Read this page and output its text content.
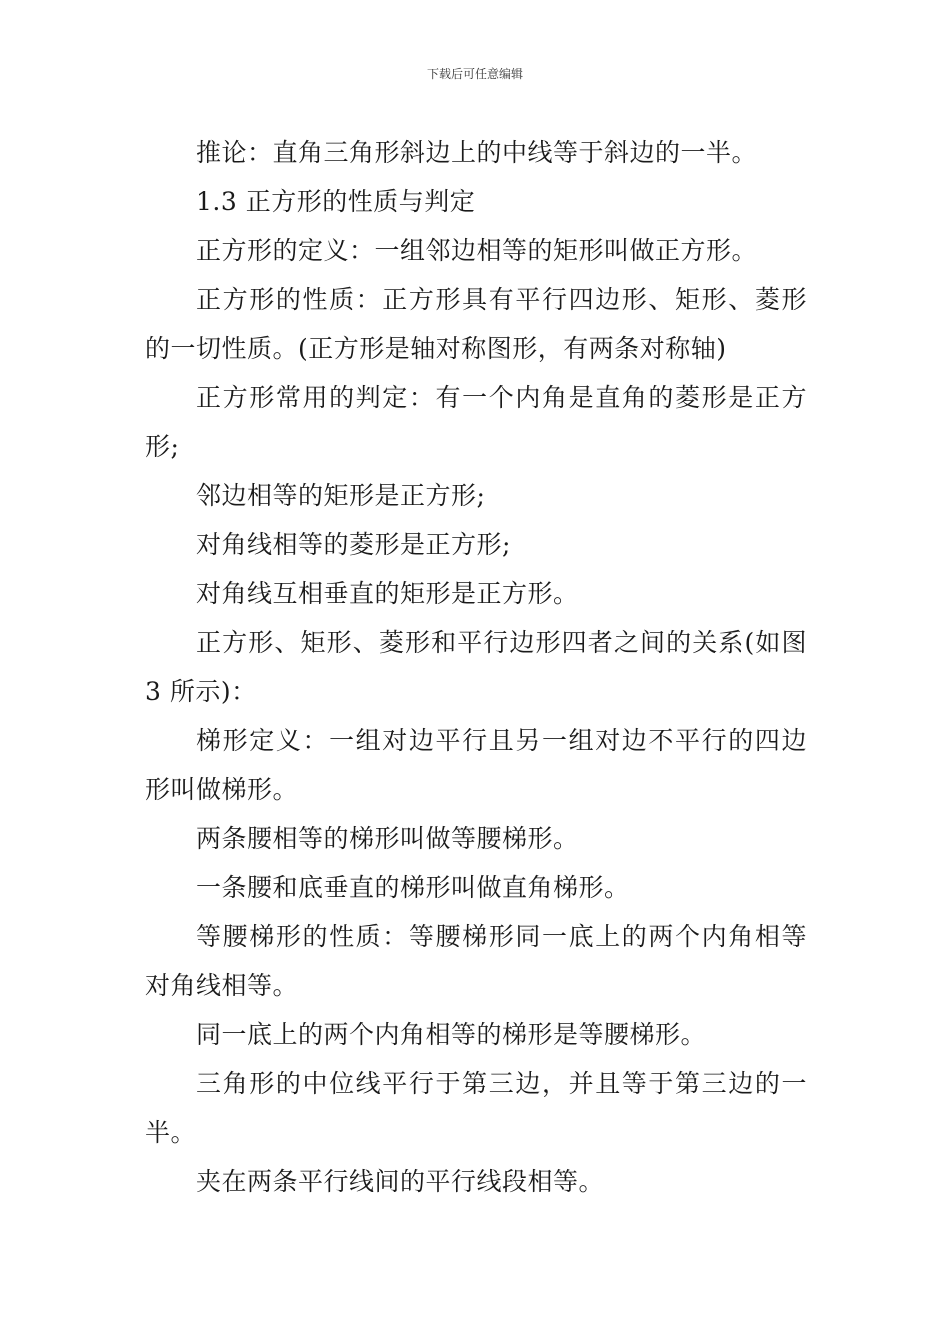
下载后可任意编辑

推论：直角三角形斜边上的中线等于斜边的一半。

1.3 正方形的性质与判定

正方形的定义：一组邻边相等的矩形叫做正方形。

正方形的性质：正方形具有平行四边形、矩形、菱形的一切性质。(正方形是轴对称图形，有两条对称轴)

正方形常用的判定：有一个内角是直角的菱形是正方形;

邻边相等的矩形是正方形;

对角线相等的菱形是正方形;

对角线互相垂直的矩形是正方形。

正方形、矩形、菱形和平行边形四者之间的关系(如图 3 所示)：

梯形定义：一组对边平行且另一组对边不平行的四边形叫做梯形。

两条腰相等的梯形叫做等腰梯形。

一条腰和底垂直的梯形叫做直角梯形。

等腰梯形的性质：等腰梯形同一底上的两个内角相等对角线相等。

同一底上的两个内角相等的梯形是等腰梯形。

三角形的中位线平行于第三边，并且等于第三边的一半。

夹在两条平行线间的平行线段相等。
